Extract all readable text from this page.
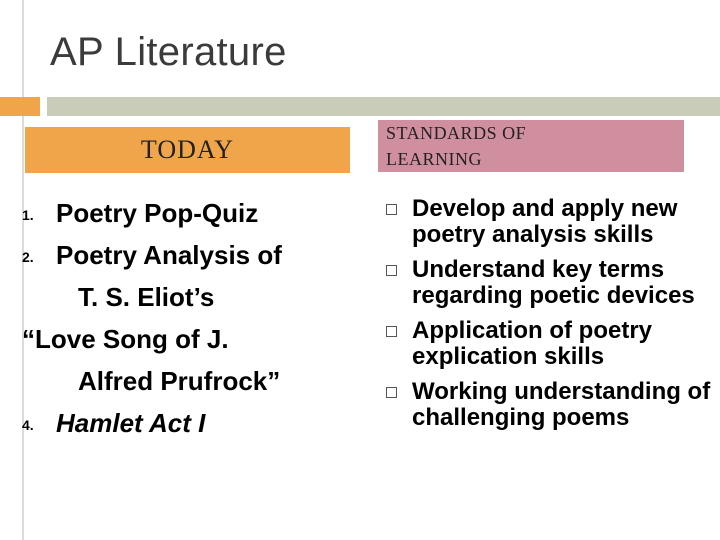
AP Literature
TODAY
STANDARDS OF
LEARNING
1. Poetry Pop-Quiz
2. Poetry Analysis of
T. S. Eliot’s
“Love Song of J.
Alfred Prufrock”
4. Hamlet Act I
Develop and apply new poetry analysis skills
Understand key terms regarding poetic devices
Application of poetry explication skills
Working understanding of challenging poems
